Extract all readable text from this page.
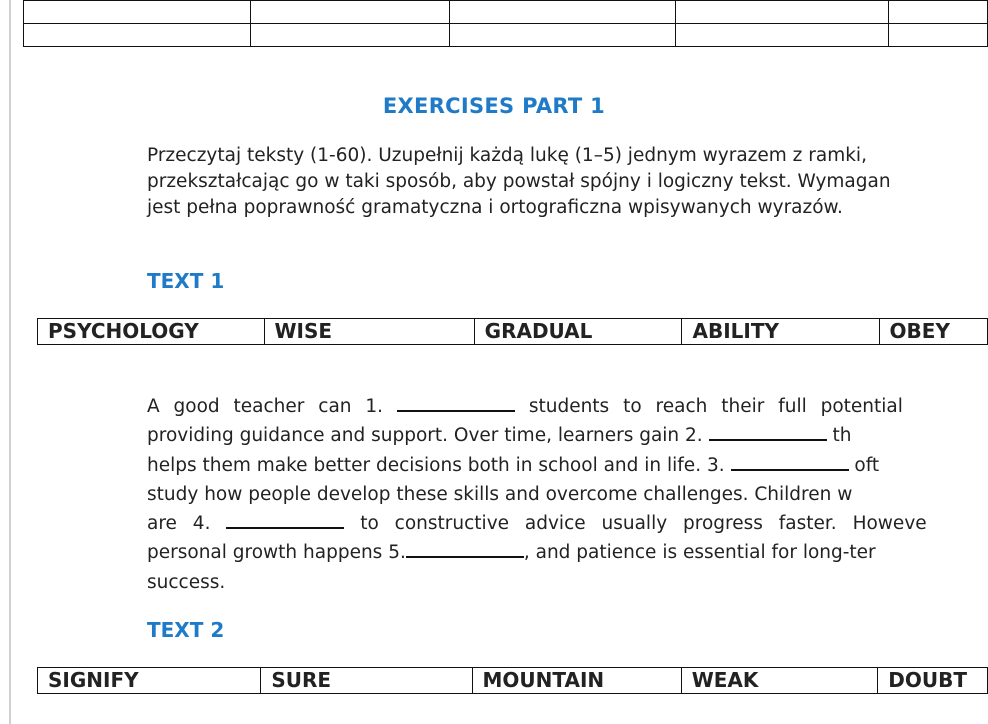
EXERCISES PART 1
Przeczytaj teksty (1-60). Uzupełnij każdą lukę (1–5) jednym wyrazem z ramki,
przekształcając go w taki sposób, aby powstał spójny i logiczny tekst. Wymagan
jest pełna poprawność gramatyczna i ortograficzna wpisywanych wyrazów.
TEXT 1
PSYCHOLOGY	WISE	GRADUAL	ABILITY	OBEY
A good teacher can 1.	students to reach their full potential
providing guidance and support. Over time, learners gain 2.	th
helps them make better decisions both in school and in life. 3.	oft
study how people develop these skills and overcome challenges. Children w
are 4.	to constructive advice usually progress faster. Howeve
personal growth happens 5.	, and patience is essential for long-ter
success.
TEXT 2
SIGNIFY	SURE	MOUNTAIN	WEAK	DOUBT
